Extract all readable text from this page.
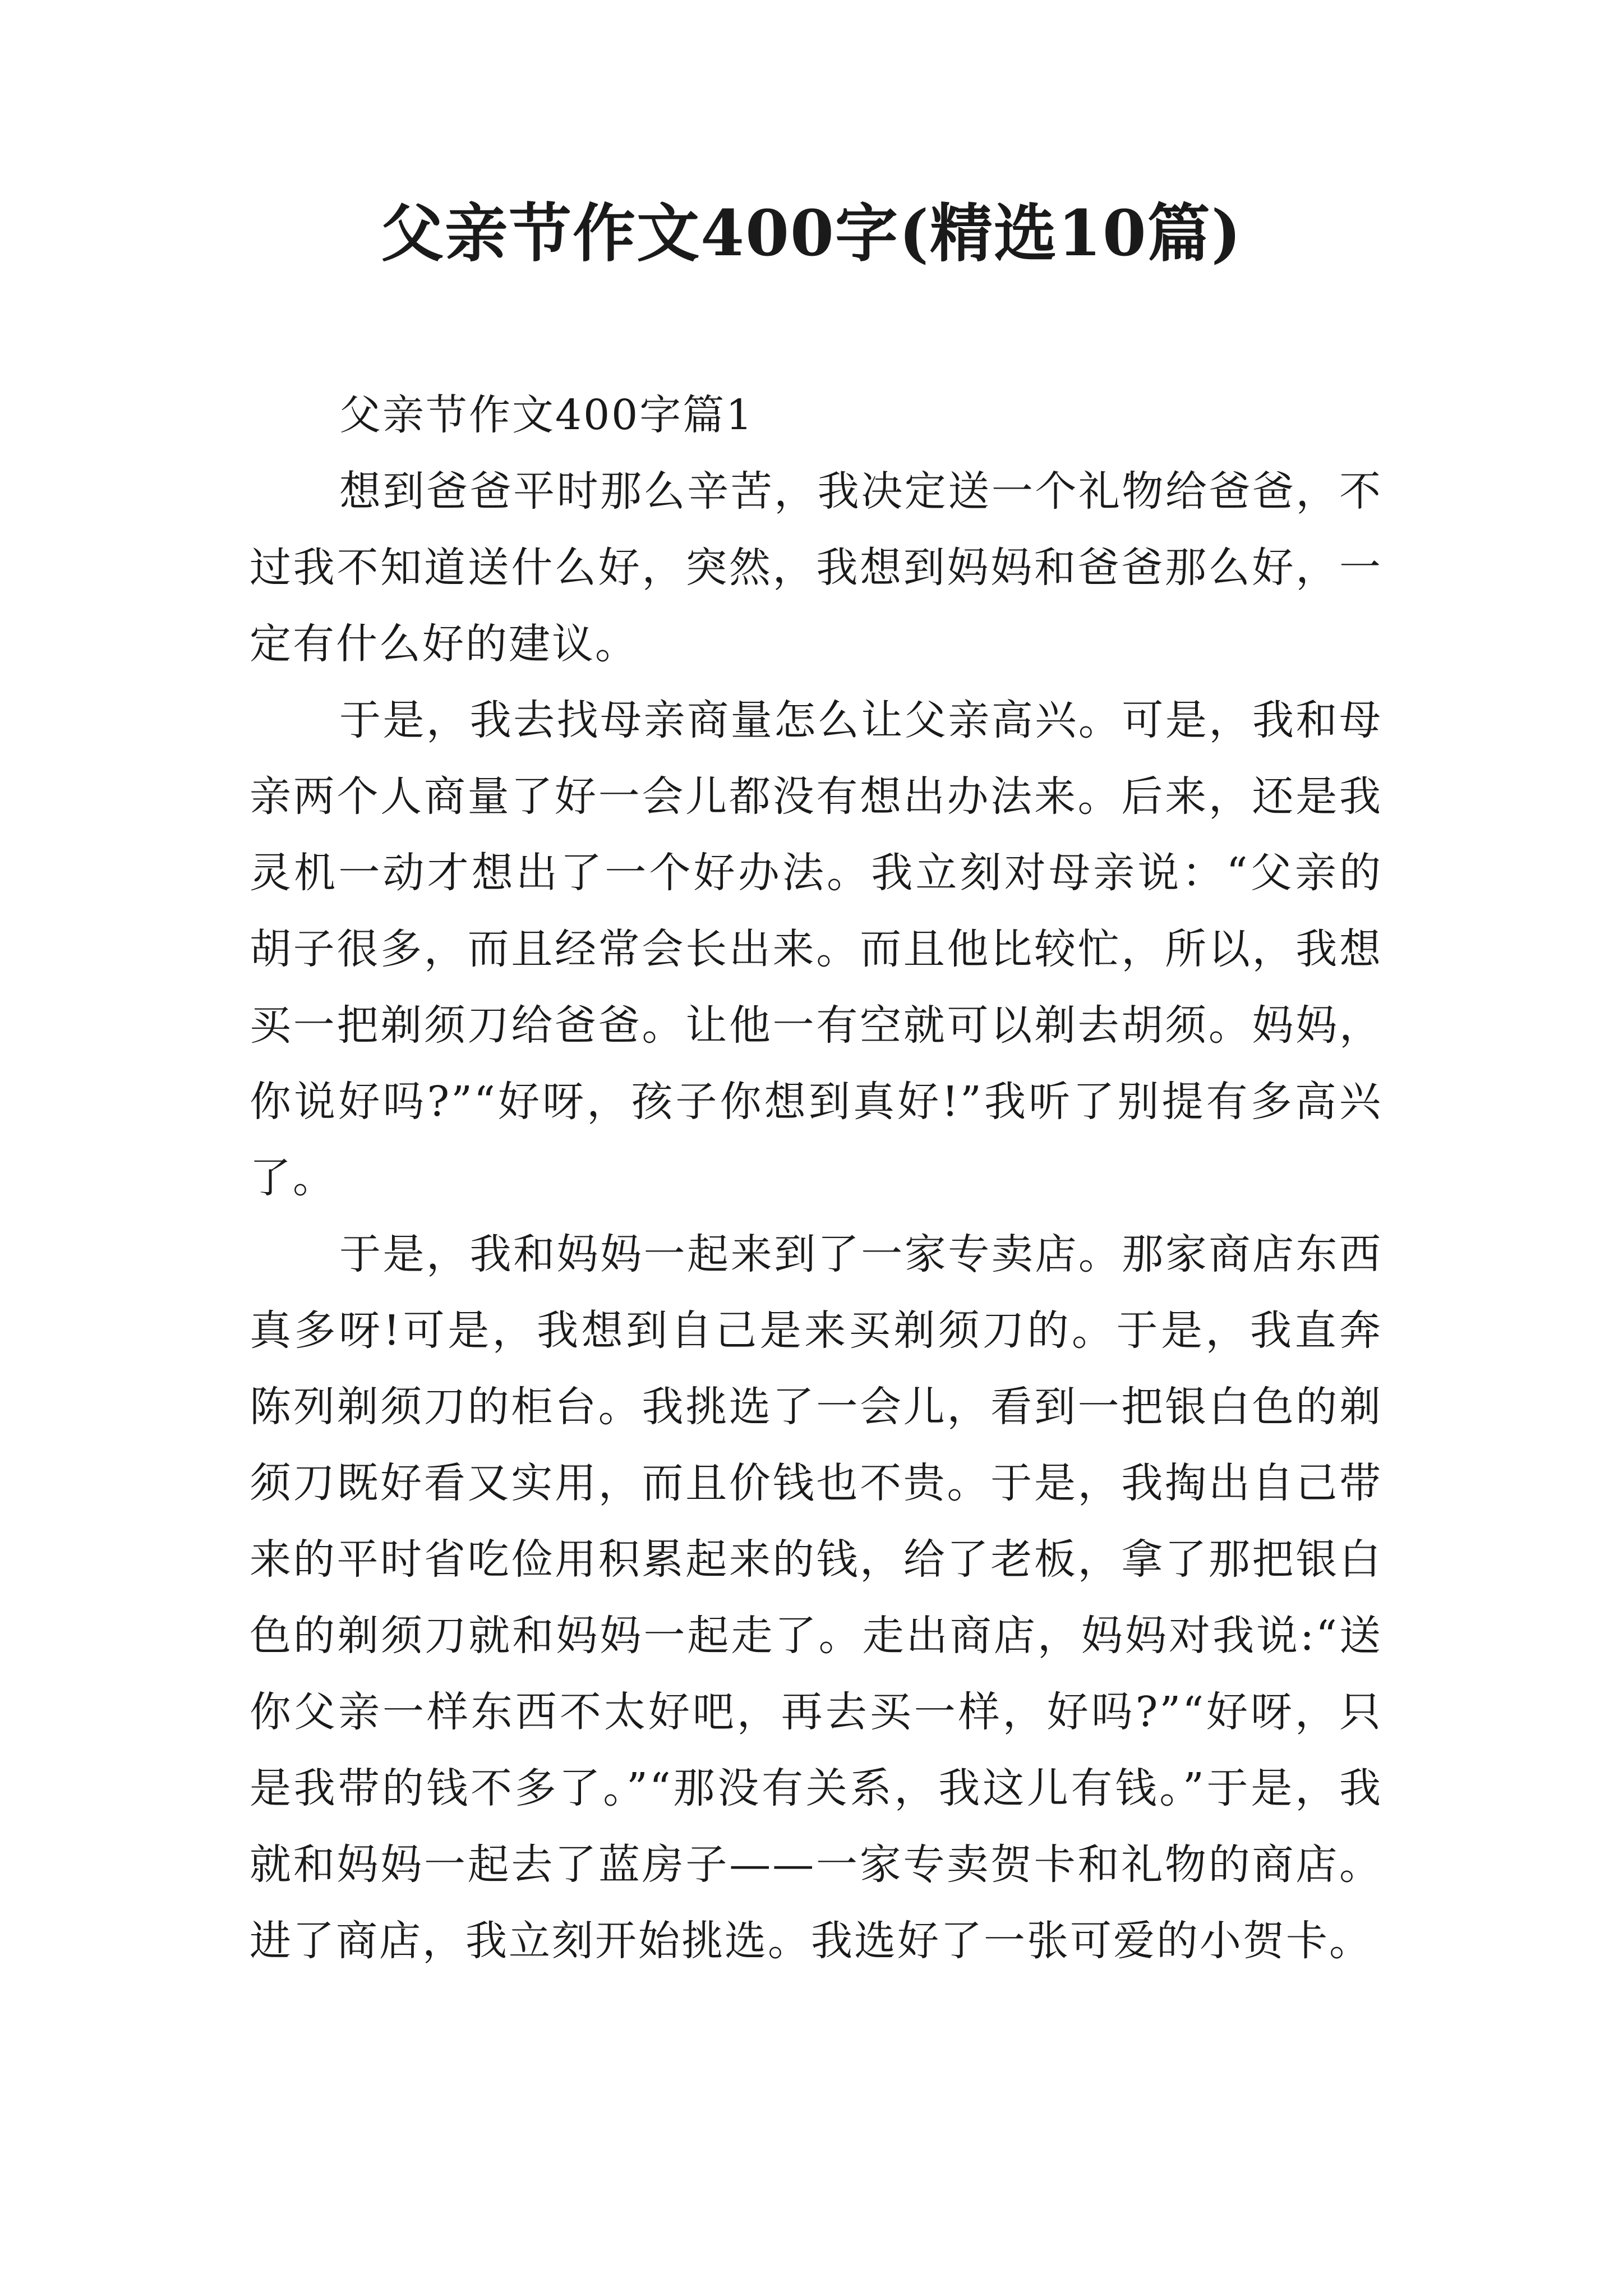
父亲节作文400字(精选10篇)

父亲节作文400字篇1

想到爸爸平时那么辛苦，我决定送一个礼物给爸爸，不过我不知道送什么好，突然，我想到妈妈和爸爸那么好，一定有什么好的建议。

于是，我去找母亲商量怎么让父亲高兴。可是，我和母亲两个人商量了好一会儿都没有想出办法来。后来，还是我灵机一动才想出了一个好办法。我立刻对母亲说：“父亲的胡子很多，而且经常会长出来。而且他比较忙，所以，我想买一把剃须刀给爸爸。让他一有空就可以剃去胡须。妈妈，你说好吗?”“好呀，孩子你想到真好!”我听了别提有多高兴了。

于是，我和妈妈一起来到了一家专卖店。那家商店东西真多呀!可是，我想到自己是来买剃须刀的。于是，我直奔陈列剃须刀的柜台。我挑选了一会儿，看到一把银白色的剃须刀既好看又实用，而且价钱也不贵。于是，我掏出自己带来的平时省吃俭用积累起来的钱，给了老板，拿了那把银白色的剃须刀就和妈妈一起走了。走出商店，妈妈对我说:“送你父亲一样东西不太好吧，再去买一样，好吗?”“好呀，只是我带的钱不多了。”“那没有关系，我这儿有钱。”于是，我就和妈妈一起去了蓝房子——一家专卖贺卡和礼物的商店。进了商店，我立刻开始挑选。我选好了一张可爱的小贺卡。
